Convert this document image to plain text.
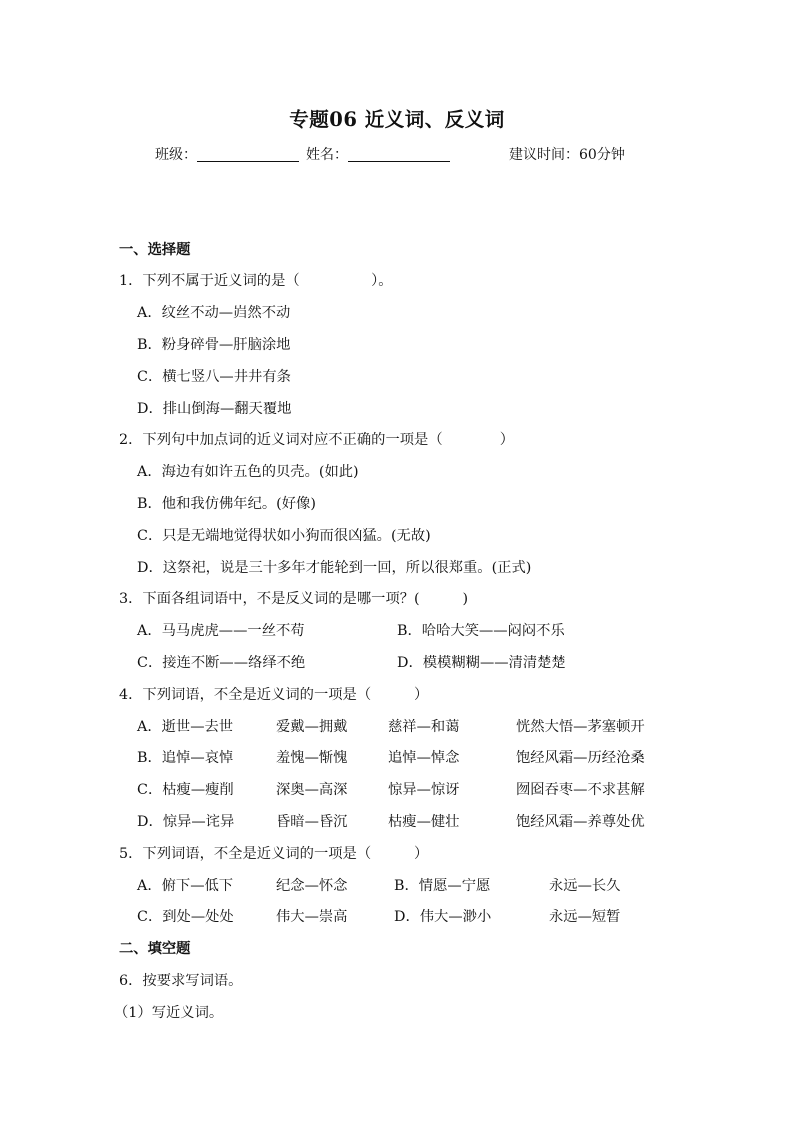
专题06 近义词、反义词
班级：	姓名：	建议时间：60分钟
一、选择题
1．下列不属于近义词的是（　　　　　）。
A．纹丝不动—岿然不动
B．粉身碎骨—肝脑涂地
C．横七竖八—井井有条
D．排山倒海—翻天覆地
2．下列句中加点词的近义词对应不正确的一项是（　　　　）
A．海边有如许五色的贝壳。(如此)
B．他和我仿佛年纪。(好像)
C．只是无端地觉得状如小狗而很凶猛。(无故)
D．这祭祀，说是三十多年才能轮到一回，所以很郑重。(正式)
3．下面各组词语中，不是反义词的是哪一项？(　　　)
A．马马虎虎——一丝不苟	B．哈哈大笑——闷闷不乐
C．接连不断——络绎不绝	D．模模糊糊——清清楚楚
4．下列词语，不全是近义词的一项是（　　　）
A．逝世—去世	爱戴—拥戴	慈祥—和蔼	恍然大悟—茅塞顿开
B．追悼—哀悼	羞愧—惭愧	追悼—悼念	饱经风霜—历经沧桑
C．枯瘦—瘦削	深奥—高深	惊异—惊讶	囫囵吞枣—不求甚解
D．惊异—诧异	昏暗—昏沉	枯瘦—健壮	饱经风霜—养尊处优
5．下列词语，不全是近义词的一项是（　　　）
A．俯下—低下	纪念—怀念	B．情愿—宁愿	永远—长久
C．到处—处处	伟大—崇高	D．伟大—渺小	永远—短暂
二、填空题
6．按要求写词语。
（1）写近义词。
